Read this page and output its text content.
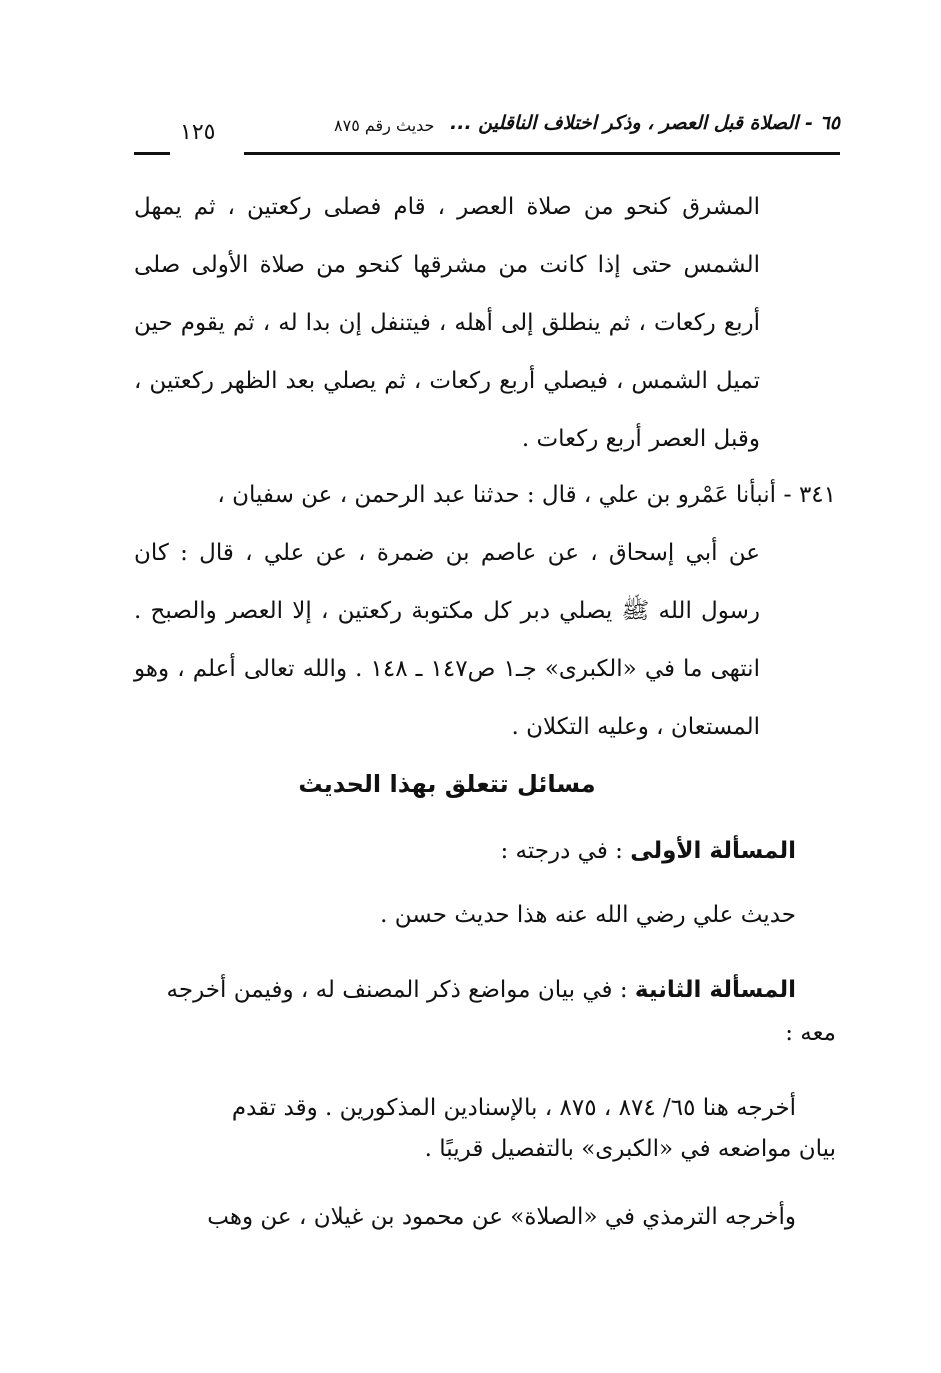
٦٥ - الصلاة قبل العصر ، وذكر اختلاف الناقلين ...
حديث رقم ٨٧٥
١٢٥
المشرق كنحو من صلاة العصر ، قام فصلى ركعتين ، ثم يمهل الشمس حتى إذا كانت من مشرقها كنحو من صلاة الأولى صلى أربع ركعات ، ثم ينطلق إلى أهله ، فيتنفل إن بدا له ، ثم يقوم حين تميل الشمس ، فيصلي أربع ركعات ، ثم يصلي بعد الظهر ركعتين ، وقبل العصر أربع ركعات .
٣٤١ - أنبأنا عَمْرو بن علي ، قال : حدثنا عبد الرحمن ، عن سفيان ،
عن أبي إسحاق ، عن عاصم بن ضمرة ، عن علي ، قال : كان رسول الله ﷺ يصلي دبر كل مكتوبة ركعتين ، إلا العصر والصبح . انتهى ما في «الكبرى» جـ١ ص١٤٧ ـ ١٤٨ . والله تعالى أعلم ، وهو المستعان ، وعليه التكلان .
مسائل تتعلق بهذا الحديث
المسألة الأولى : في درجته :
حديث علي رضي الله عنه هذا حديث حسن .
المسألة الثانية : في بيان مواضع ذكر المصنف له ، وفيمن أخرجه
معه :
أخرجه هنا ٦٥/ ٨٧٤ ، ٨٧٥ ، بالإسنادين المذكورين . وقد تقدم
بيان مواضعه في «الكبرى» بالتفصيل قريبًا .
وأخرجه الترمذي في «الصلاة» عن محمود بن غيلان ، عن وهب
